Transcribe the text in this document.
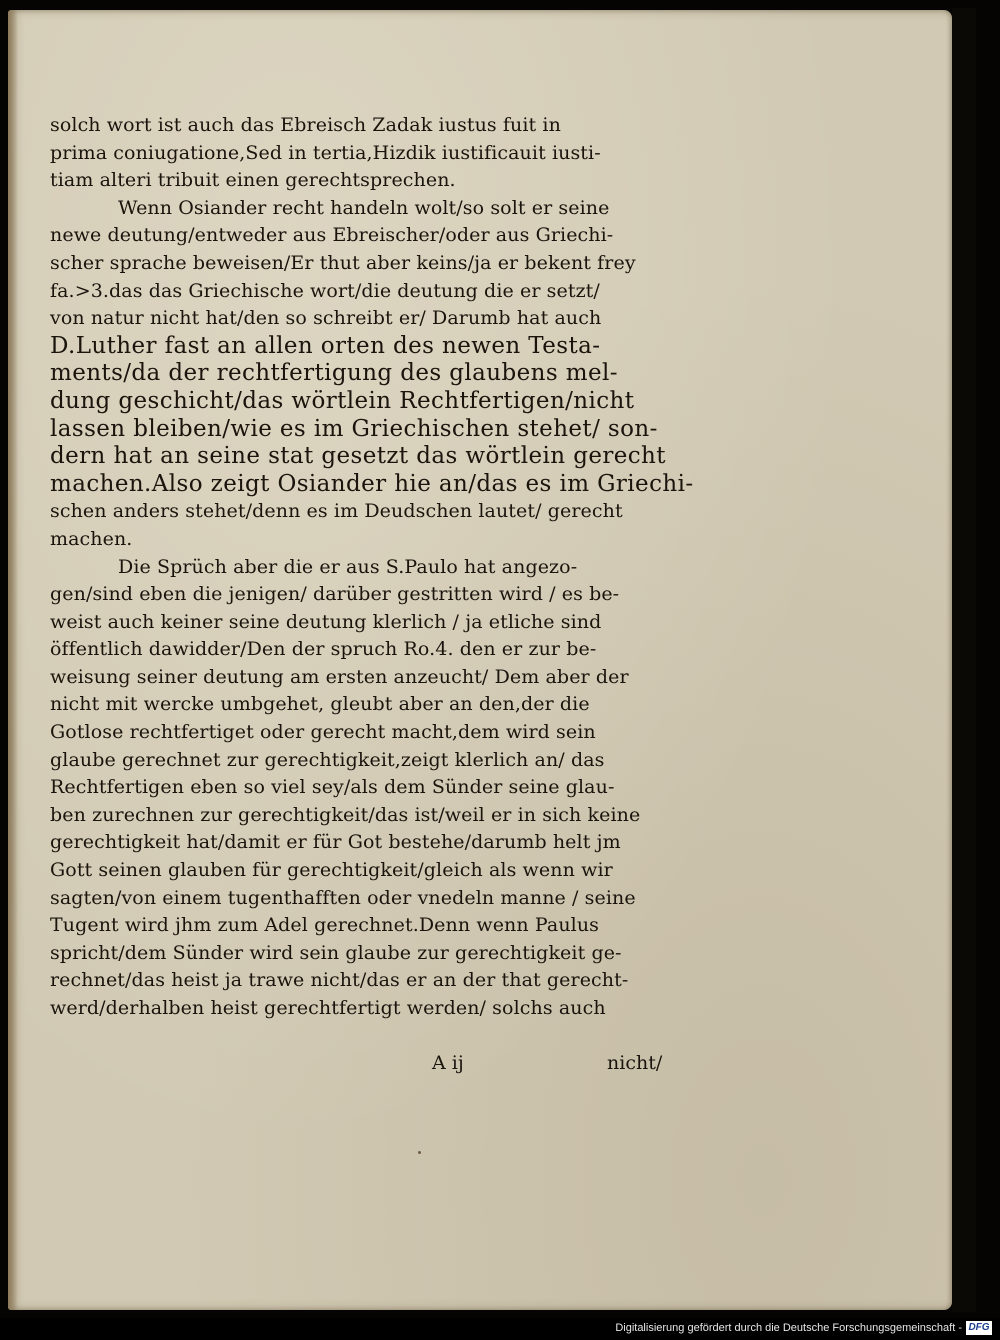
solch wort ist auch das Ebreisch Zadak iustus fuit in
prima coniugatione,Sed in tertia,Hizdik iustificauit iusti-
tiam alteri tribuit einen gerechtsprechen.
Wenn Osiander recht handeln wolt/so solt er seine
newe deutung/entweder aus Ebreischer/oder aus Griechi-
scher sprache beweisen/Er thut aber keins/ja er bekent frey
fa.>3.das das Griechische wort/die deutung die er setzt/
von natur nicht hat/den so schreibt er/ Darumb hat auch
D.Luther fast an allen orten des newen Testa-
ments/da der rechtfertigung des glaubens mel-
dung geschicht/das wörtlein Rechtfertigen/nicht
lassen bleiben/wie es im Griechischen stehet/ son-
dern hat an seine stat gesetzt das wörtlein gerecht
machen.Also zeigt Osiander hie an/das es im Griechi-
schen anders stehet/denn es im Deudschen lautet/ gerecht
machen.
Die Sprüch aber die er aus S.Paulo hat angezo-
gen/sind eben die jenigen/ darüber gestritten wird / es be-
weist auch keiner seine deutung klerlich / ja etliche sind
öffentlich dawidder/Den der spruch Ro.4. den er zur be-
weisung seiner deutung am ersten anzeucht/ Dem aber der
nicht mit wercke umbgehet, gleubt aber an den,der die
Gotlose rechtfertiget oder gerecht macht,dem wird sein
glaube gerechnet zur gerechtigkeit,zeigt klerlich an/ das
Rechtfertigen eben so viel sey/als dem Sünder seine glau-
ben zurechnen zur gerechtigkeit/das ist/weil er in sich keine
gerechtigkeit hat/damit er für Got bestehe/darumb helt jm
Gott seinen glauben für gerechtigkeit/gleich als wenn wir
sagten/von einem tugenthafften oder vnedeln manne / seine
Tugent wird jhm zum Adel gerechnet.Denn wenn Paulus
spricht/dem Sünder wird sein glaube zur gerechtigkeit ge-
rechnet/das heist ja trawe nicht/das er an der that gerecht-
werd/derhalben heist gerechtfertigt werden/ solchs auch
A ij	nicht/
Digitalisierung gefördert durch die Deutsche Forschungsgemeinschaft - DFG
